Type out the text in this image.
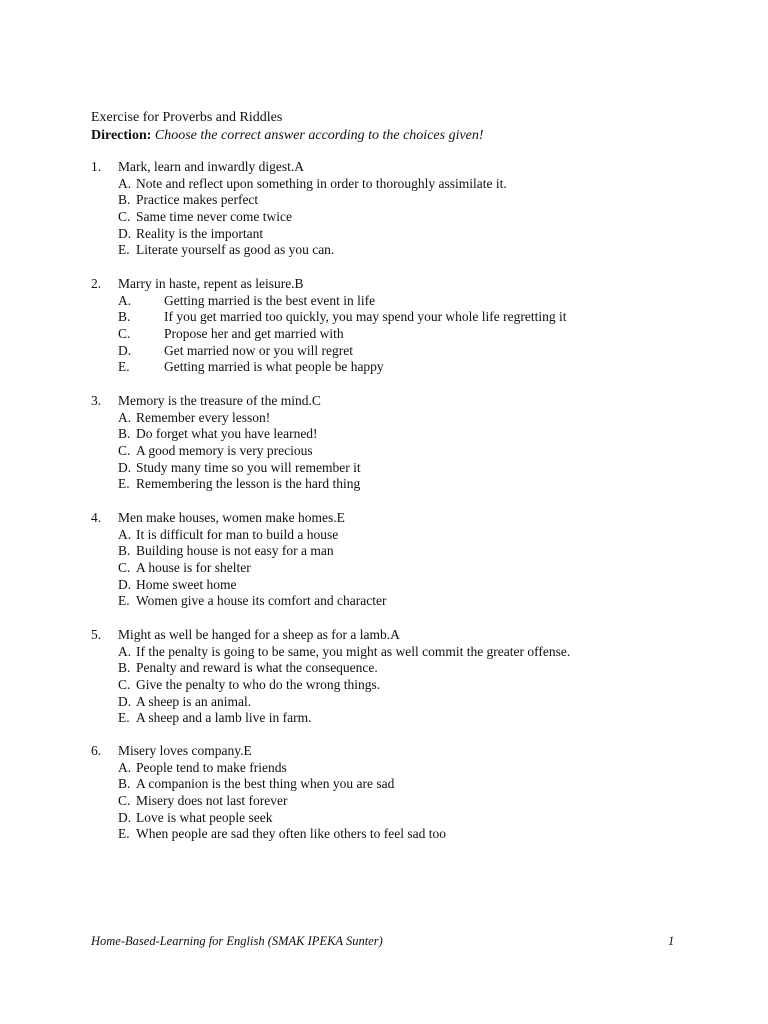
Exercise for Proverbs and Riddles
Direction: Choose the correct answer according to the choices given!
1. Mark, learn and inwardly digest.A
A. Note and reflect upon something in order to thoroughly assimilate it.
B. Practice makes perfect
C. Same time never come twice
D. Reality is the important
E. Literate yourself as good as you can.
2. Marry in haste, repent as leisure.B
A. Getting married is the best event in life
B. If you get married too quickly, you may spend your whole life regretting it
C. Propose her and get married with
D. Get married now or you will regret
E.	Getting married is what people be happy
3. Memory is the treasure of the mind.C
A. Remember every lesson!
B. Do forget what you have learned!
C. A good memory is very precious
D. Study many time so you will remember it
E. Remembering the lesson is the hard thing
4. Men make houses, women make homes.E
A. It is difficult for man to build a house
B. Building house is not easy for a man
C. A house is for shelter
D. Home sweet home
E. Women give a house its comfort and character
5. Might as well be hanged for a sheep as for a lamb.A
A. If the penalty is going to be same, you might as well commit the greater offense.
B. Penalty and reward is what the consequence.
C. Give the penalty to who do the wrong things.
D. A sheep is an animal.
E. A sheep and a lamb live in farm.
6. Misery loves company.E
A. People tend to make friends
B. A companion is the best thing when you are sad
C. Misery does not last forever
D. Love is what people seek
E. When people are sad they often like others to feel sad too
Home-Based-Learning for English (SMAK IPEKA Sunter)	1
